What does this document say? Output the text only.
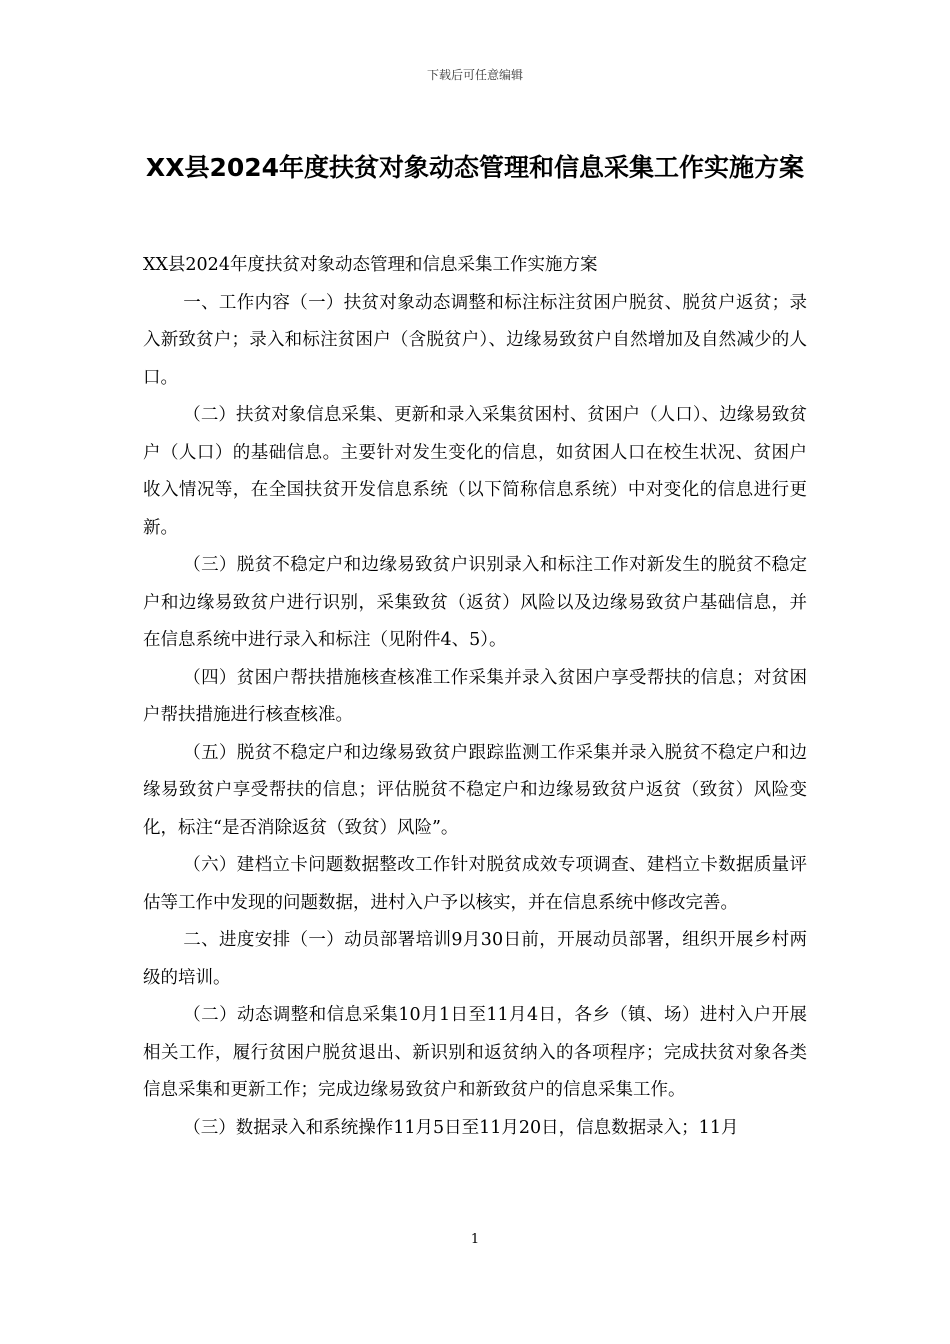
下载后可任意编辑
XX县2024年度扶贫对象动态管理和信息采集工作实施方案

XX县2024年度扶贫对象动态管理和信息采集工作实施方案

一、工作内容（一）扶贫对象动态调整和标注标注贫困户脱贫、脱贫户返贫；录入新致贫户；录入和标注贫困户（含脱贫户）、边缘易致贫户自然增加及自然减少的人口。

（二）扶贫对象信息采集、更新和录入采集贫困村、贫困户（人口）、边缘易致贫户（人口）的基础信息。主要针对发生变化的信息，如贫困人口在校生状况、贫困户收入情况等，在全国扶贫开发信息系统（以下简称信息系统）中对变化的信息进行更新。

（三）脱贫不稳定户和边缘易致贫户识别录入和标注工作对新发生的脱贫不稳定户和边缘易致贫户进行识别，采集致贫（返贫）风险以及边缘易致贫户基础信息，并在信息系统中进行录入和标注（见附件4、5）。

（四）贫困户帮扶措施核查核准工作采集并录入贫困户享受帮扶的信息；对贫困户帮扶措施进行核查核准。

（五）脱贫不稳定户和边缘易致贫户跟踪监测工作采集并录入脱贫不稳定户和边缘易致贫户享受帮扶的信息；评估脱贫不稳定户和边缘易致贫户返贫（致贫）风险变化，标注“是否消除返贫（致贫）风险”。

（六）建档立卡问题数据整改工作针对脱贫成效专项调查、建档立卡数据质量评估等工作中发现的问题数据，进村入户予以核实，并在信息系统中修改完善。

二、进度安排（一）动员部署培训9月30日前，开展动员部署，组织开展乡村两级的培训。

（二）动态调整和信息采集10月1日至11月4日，各乡（镇、场）进村入户开展相关工作，履行贫困户脱贫退出、新识别和返贫纳入的各项程序；完成扶贫对象各类信息采集和更新工作；完成边缘易致贫户和新致贫户的信息采集工作。

（三）数据录入和系统操作11月5日至11月20日，信息数据录入；11月

1
